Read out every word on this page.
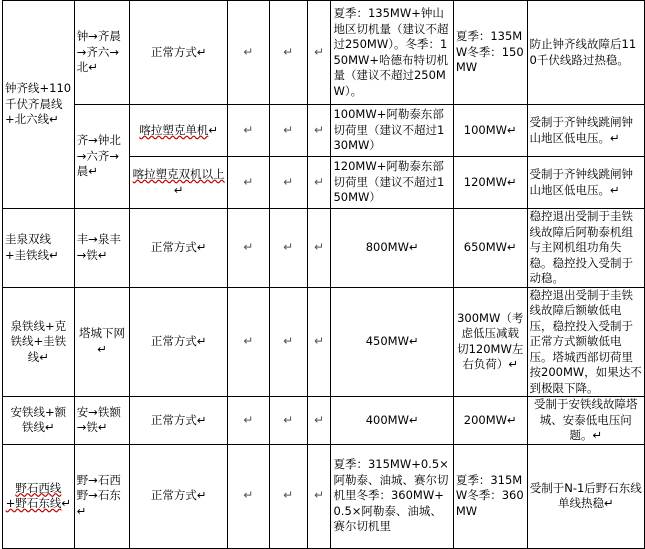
钟齐线+110千伏齐晨线+北六线↵	钟→齐晨→齐六→北↵	正常方式↵	↵	↵	↵	夏季：135MW+钟山地区切机量（建议不超过250MW）。冬季：150MW+哈德布特切机量（建议不超过250MW）。	夏季：135MW冬季：150MW	防止钟齐线故障后110千伏线路过热稳。
	齐→钟北→六齐→晨↵	喀拉塑克单机↵	↵	↵	↵	100MW+阿勒泰东部切荷里（建议不超过130MW）	100MW↵	受制于齐钟线跳闸钟山地区低电压。↵
		喀拉塑克双机以上↵	↵	↵	↵	120MW+阿勒泰东部切荷里（建议不超过150MW）	120MW↵	受制于齐钟线跳闸钟山地区低电压。↵
圭泉双线+圭铁线↵	丰→泉丰→铁↵	正常方式↵	↵	↵	↵	800MW↵	650MW↵	稳控退出受制于圭铁线故障后阿勒泰机组与主网机组功角失稳。稳控投入受制于动稳。
泉铁线+克铁线+圭铁线↵	塔城下网↵	正常方式↵	↵	↵	↵	450MW↵	300MW（考虑低压减载切120MW左右负荷）↵	稳控退出受制于圭铁线故障后额敏低电压，稳控投入受制于正常方式额敏低电压。塔城西部切荷里按200MW，如果达不到极限下降。
安铁线+额铁线↵	安→铁额→铁↵	正常方式↵	↵	↵	↵	400MW↵	200MW↵	受制于安铁线故障塔城、安泰低电压问题。↵
野石西线+野石东线↵	野→石西野→石东↵	正常方式↵	↵	↵	↵	夏季：315MW+0.5×阿勒泰、油城、赛尔切机里冬季：360MW+0.5×阿勒泰、油城、赛尔切机里	夏季：315MW冬季：360MW	受制于N-1后野石东线单线热稳↵
